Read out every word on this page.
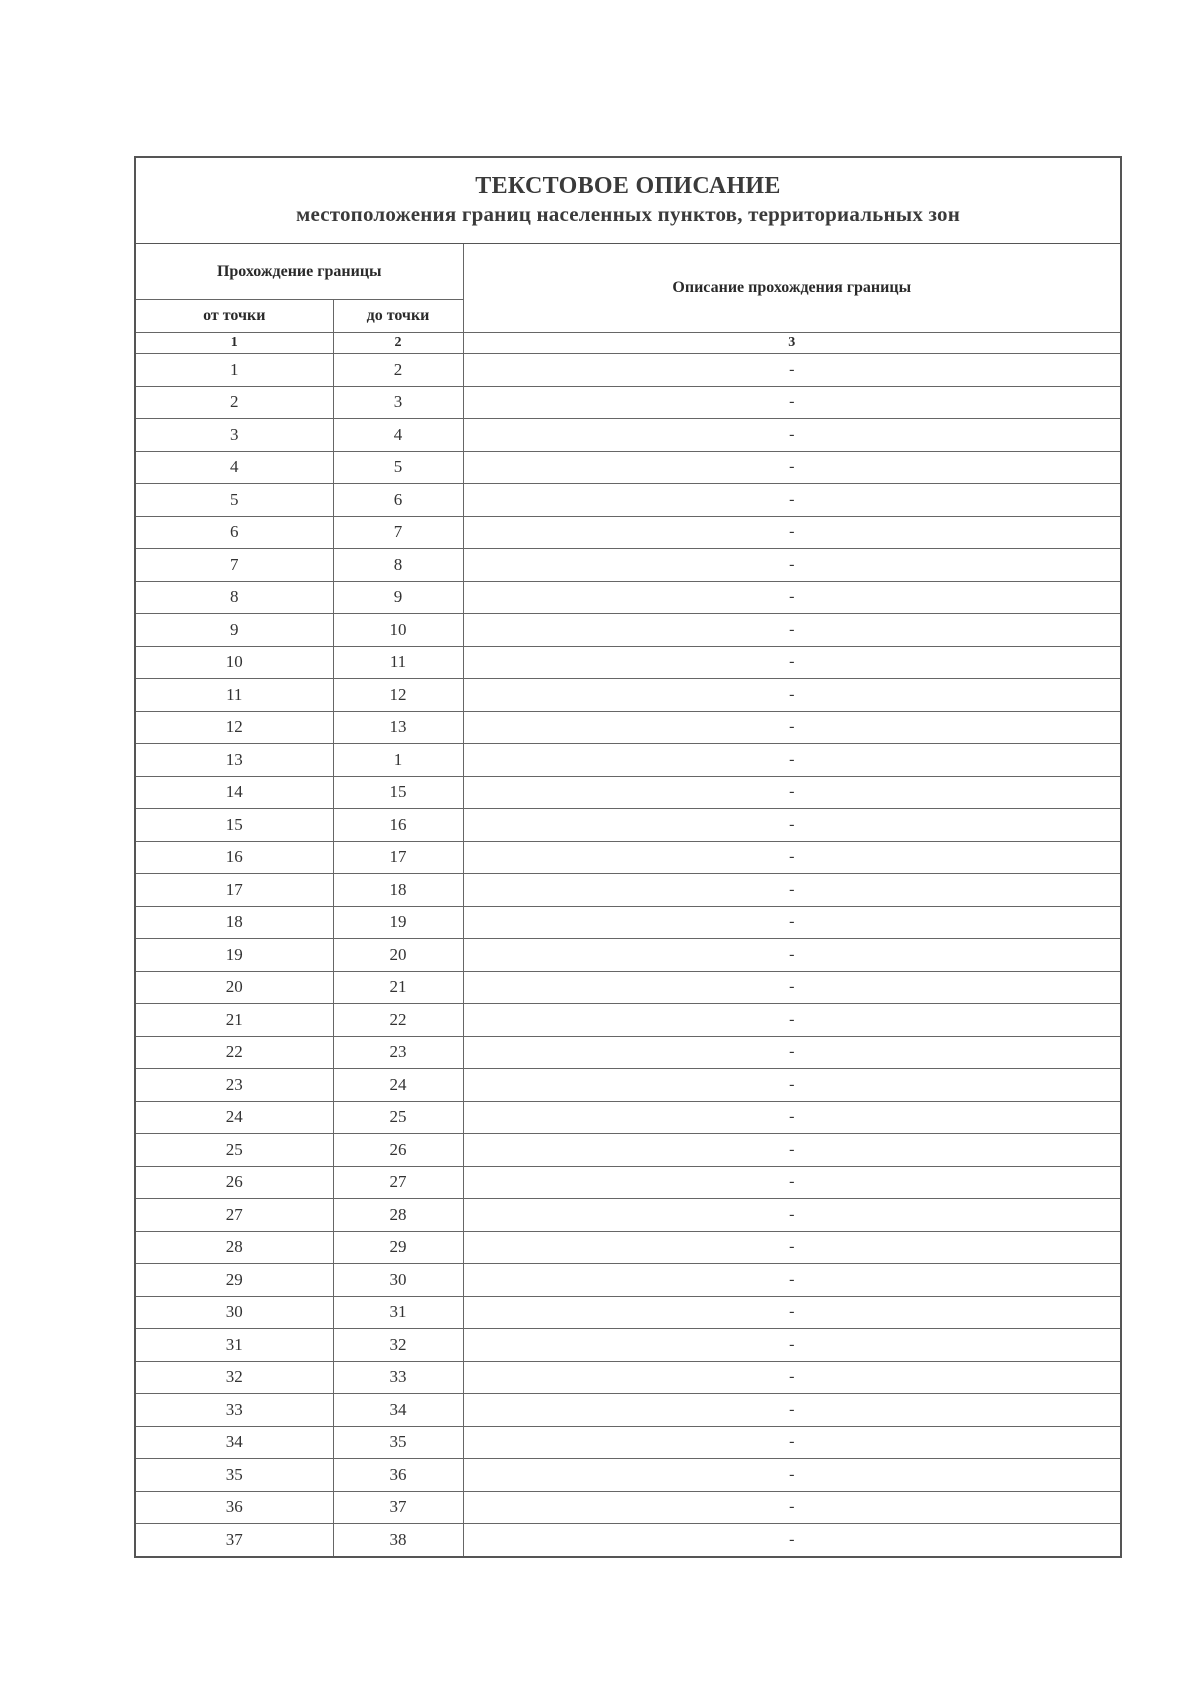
ТЕКСТОВОЕ ОПИСАНИЕ
местоположения границ населенных пунктов, территориальных зон
Прохождение границы		Описание прохождения границы
от точки	до точки	
1	2	3
1	2	-
2	3	-
3	4	-
4	5	-
5	6	-
6	7	-
7	8	-
8	9	-
9	10	-
10	11	-
11	12	-
12	13	-
13	1	-
14	15	-
15	16	-
16	17	-
17	18	-
18	19	-
19	20	-
20	21	-
21	22	-
22	23	-
23	24	-
24	25	-
25	26	-
26	27	-
27	28	-
28	29	-
29	30	-
30	31	-
31	32	-
32	33	-
33	34	-
34	35	-
35	36	-
36	37	-
37	38	-
